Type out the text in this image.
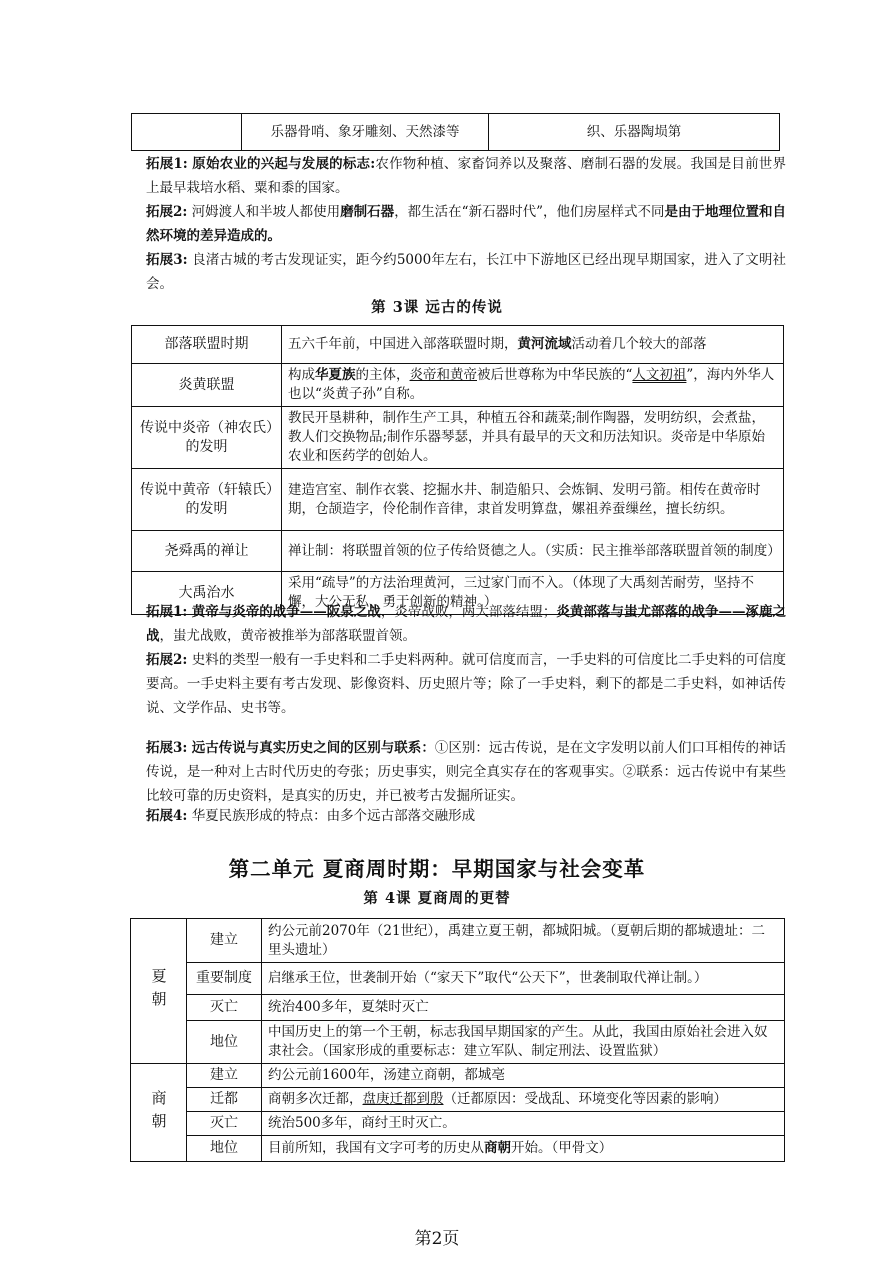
	乐器骨哨、象牙雕刻、天然漆等	织、乐器陶埙第
拓展1: 原始农业的兴起与发展的标志:农作物种植、家畜饲养以及聚落、磨制石器的发展。我国是目前世界上最早栽培水稻、粟和黍的国家。
拓展2: 河姆渡人和半坡人都使用磨制石器，都生活在“新石器时代”，他们房屋样式不同是由于地理位置和自然环境的差异造成的。
拓展3: 良渚古城的考古发现证实，距今约5000年左右，长江中下游地区已经出现早期国家，进入了文明社会。
第 3课 远古的传说
部落联盟时期	五六千年前，中国进入部落联盟时期，黄河流域活动着几个较大的部落
炎黄联盟	构成华夏族的主体，炎帝和黄帝被后世尊称为中华民族的“人文初祖”，海内外华人也以“炎黄子孙”自称。
传说中炎帝（神农氏）的发明	教民开垦耕种，制作生产工具，种植五谷和蔬菜;制作陶器，发明纺织，会煮盐，教人们交换物品;制作乐器琴瑟，并具有最早的天文和历法知识。炎帝是中华原始农业和医药学的创始人。
传说中黄帝（轩辕氏）的发明	建造宫室、制作衣裳、挖掘水井、制造船只、会炼铜、发明弓箭。相传在黄帝时期，仓颉造字，伶伦制作音律，隶首发明算盘，嫘祖养蚕缫丝，擅长纺织。
尧舜禹的禅让	禅让制：将联盟首领的位子传给贤德之人。（实质：民主推举部落联盟首领的制度）
大禹治水	采用“疏导”的方法治理黄河，三过家门而不入。（体现了大禹刻苦耐劳，坚持不懈，大公无私、勇于创新的精神。）
拓展1: 黄帝与炎帝的战争——阪泉之战，炎帝战败，两大部落结盟；炎黄部落与蚩尤部落的战争——涿鹿之战，蚩尤战败，黄帝被推举为部落联盟首领。
拓展2: 史料的类型一般有一手史料和二手史料两种。就可信度而言，一手史料的可信度比二手史料的可信度要高。一手史料主要有考古发现、影像资料、历史照片等；除了一手史料，剩下的都是二手史料，如神话传说、文学作品、史书等。
拓展3: 远古传说与真实历史之间的区别与联系：①区别：远古传说，是在文字发明以前人们口耳相传的神话传说，是一种对上古时代历史的夸张；历史事实，则完全真实存在的客观事实。②联系：远古传说中有某些比较可靠的历史资料，是真实的历史，并已被考古发掘所证实。
拓展4: 华夏民族形成的特点：由多个远古部落交融形成
第二单元 夏商周时期：早期国家与社会变革
第 4课 夏商周的更替
夏朝	建立	约公元前2070年（21世纪），禹建立夏王朝，都城阳城。（夏朝后期的都城遗址：二里头遗址）
	重要制度	启继承王位，世袭制开始（“家天下”取代“公天下”，世袭制取代禅让制。）
	灭亡	统治400多年，夏桀时灭亡
	地位	中国历史上的第一个王朝，标志我国早期国家的产生。从此，我国由原始社会进入奴隶社会。（国家形成的重要标志：建立军队、制定刑法、设置监狱）
商朝	建立	约公元前1600年，汤建立商朝，都城亳
	迁都	商朝多次迁都，盘庚迁都到殷（迁都原因：受战乱、环境变化等因素的影响）
	灭亡	统治500多年，商纣王时灭亡。
	地位	目前所知，我国有文字可考的历史从商朝开始。（甲骨文）
第2页
